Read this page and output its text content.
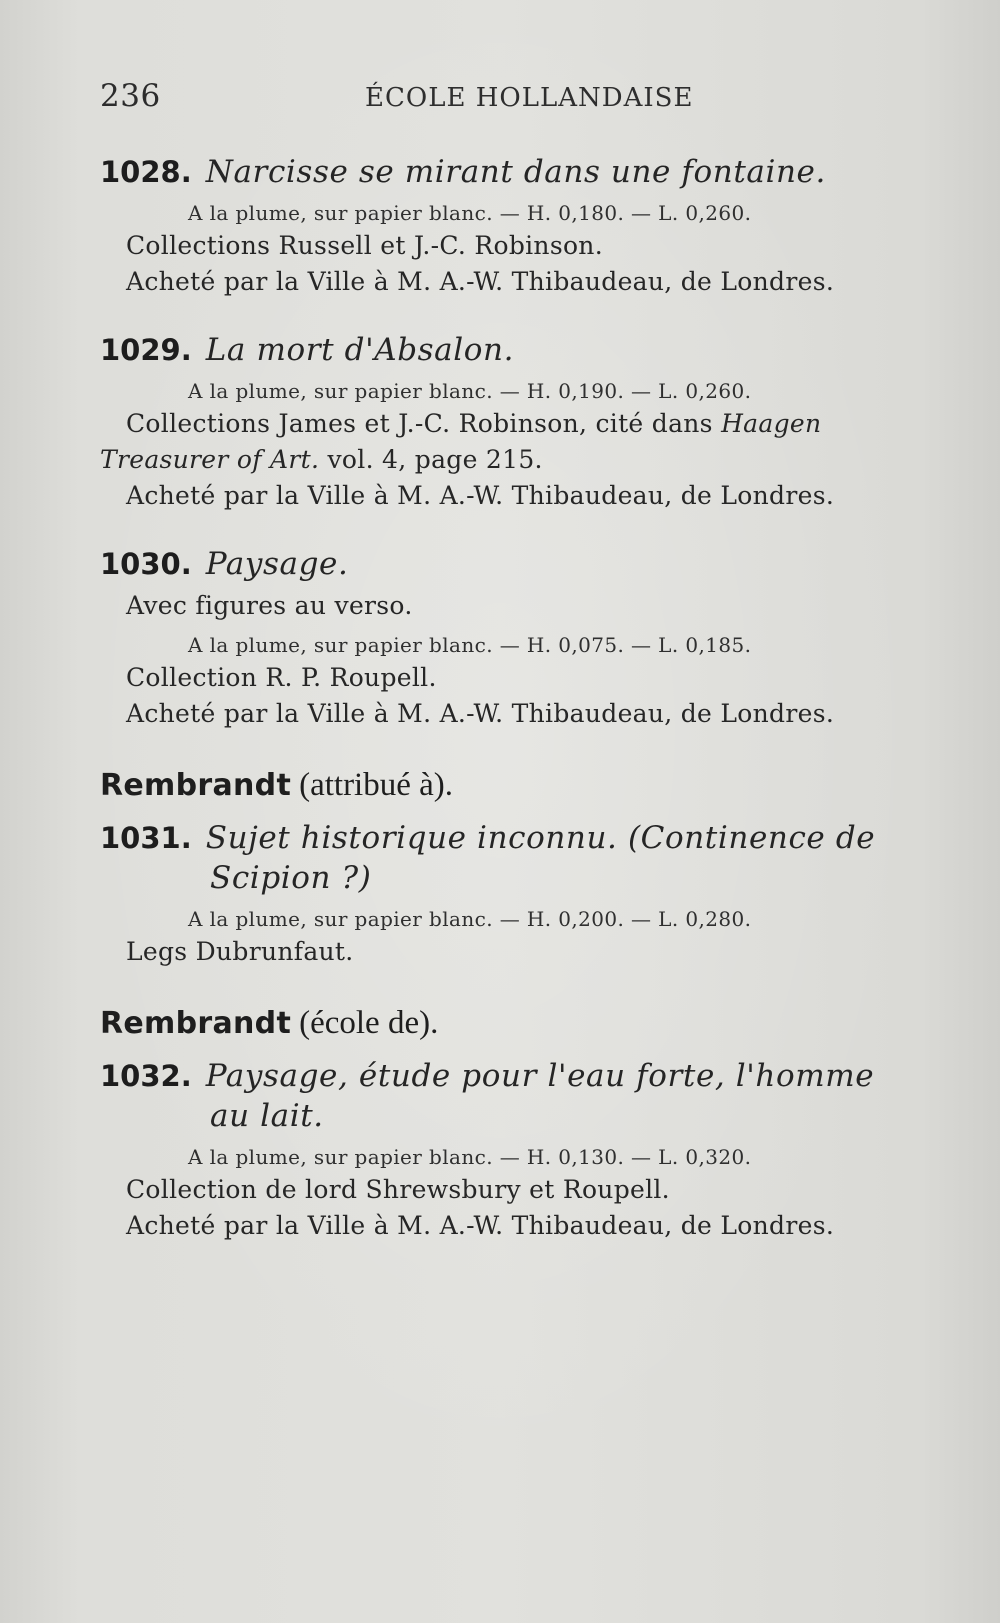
236	ÉCOLE HOLLANDAISE
1028. Narcisse se mirant dans une fontaine.
A la plume, sur papier blanc. — H. 0,180. — L. 0,260.
Collections Russell et J.-C. Robinson.
Acheté par la Ville à M. A.-W. Thibaudeau, de Londres.
1029. La mort d'Absalon.
A la plume, sur papier blanc. — H. 0,190. — L. 0,260.
Collections James et J.-C. Robinson, cité dans Haagen
Treasurer of Art. vol. 4, page 215.
Acheté par la Ville à M. A.-W. Thibaudeau, de Londres.
1030. Paysage.
Avec figures au verso.
A la plume, sur papier blanc. — H. 0,075. — L. 0,185.
Collection R. P. Roupell.
Acheté par la Ville à M. A.-W. Thibaudeau, de Londres.
Rembrandt (attribué à).
1031. Sujet historique inconnu. (Continence de
Scipion ?)
A la plume, sur papier blanc. — H. 0,200. — L. 0,280.
Legs Dubrunfaut.
Rembrandt (école de).
1032. Paysage, étude pour l'eau forte, l'homme
au lait.
A la plume, sur papier blanc. — H. 0,130. — L. 0,320.
Collection de lord Shrewsbury et Roupell.
Acheté par la Ville à M. A.-W. Thibaudeau, de Londres.
